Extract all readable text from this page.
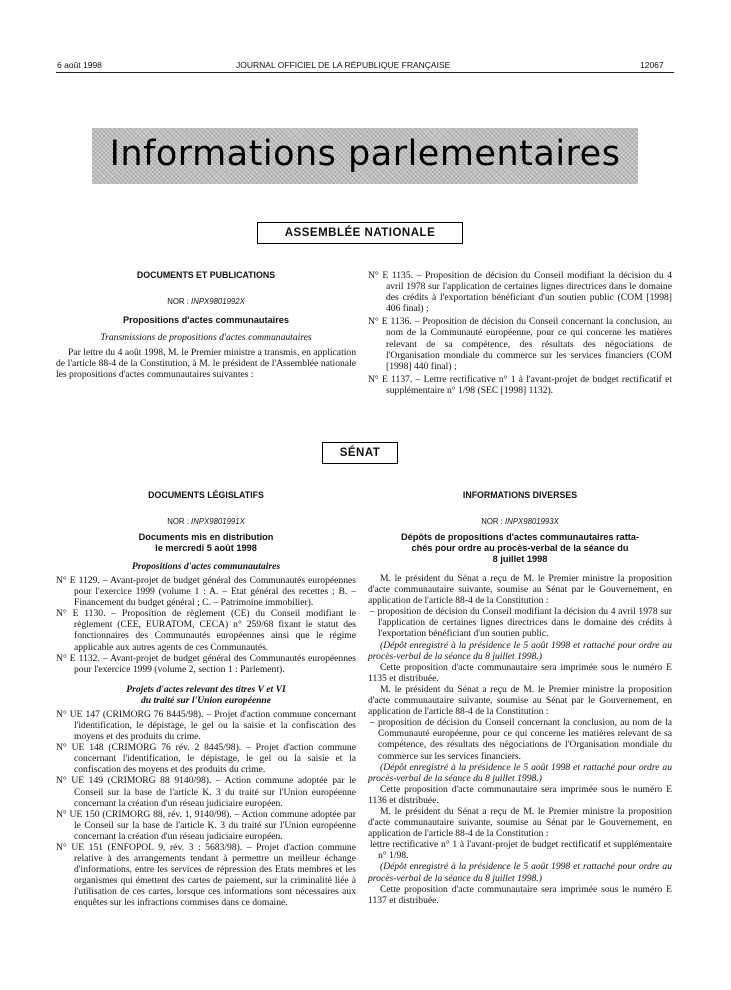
6 août 1998	JOURNAL OFFICIEL DE LA RÉPUBLIQUE FRANÇAISE	12067
Informations parlementaires
ASSEMBLÉE NATIONALE
DOCUMENTS ET PUBLICATIONS
NOR : INPX9801992X
Propositions d'actes communautaires
Transmissions de propositions d'actes communautaires

Par lettre du 4 août 1998, M. le Premier ministre a transmis, en application de l'article 88-4 de la Constitution, à M. le président de l'Assemblée nationale les propositions d'actes communautaires suivantes :

N° E 1135. – Proposition de décision du Conseil modifiant la décision du 4 avril 1978 sur l'application de certaines lignes directrices dans le domaine des crédits à l'exportation bénéficiant d'un soutien public (COM [1998] 406 final) ;

N° E 1136. – Proposition de décision du Conseil concernant la conclusion, au nom de la Communauté européenne, pour ce qui concerne les matières relevant de sa compétence, des résultats des négociations de l'Organisation mondiale du commerce sur les services financiers (COM [1998] 440 final) ;

N° E 1137. – Lettre rectificative n° 1 à l'avant-projet de budget rectificatif et supplémentaire n° 1/98 (SEC [1998] 1132).

SÉNAT
DOCUMENTS LÉGISLATIFS
NOR : INPX9801991X
Documents mis en distribution
le mercredi 5 août 1998
Propositions d'actes communautaires

N° E 1129. – Avant-projet de budget général des Communautés européennes pour l'exercice 1999 (volume 1 : A. – Etat général des recettes ; B. – Financement du budget général ; C. – Patrimoine immobilier).

N° E 1130. – Proposition de règlement (CE) du Conseil modifiant le règlement (CEE, EURATOM, CECA) n° 259/68 fixant le statut des fonctionnaires des Communautés européennes ainsi que le régime applicable aux autres agents de ces Communautés.

N° E 1132. – Avant-projet de budget général des Communautés européennes pour l'exercice 1999 (volume 2, section 1 : Parlement).

Projets d'actes relevant des titres V et VI
du traité sur l'Union européenne

N° UE 147 (CRIMORG 76 8445/98). – Projet d'action commune concernant l'identification, le dépistage, le gel ou la saisie et la confiscation des moyens et des produits du crime.

N° UE 148 (CRIMORG 76 rév. 2 8445/98). – Projet d'action commune concernant l'identification, le dépistage, le gel ou la saisie et la confiscation des moyens et des produits du crime.

N° UE 149 (CRIMORG 88 9140/98). – Action commune adoptée par le Conseil sur la base de l'article K. 3 du traité sur l'Union européenne concernant la création d'un réseau judiciaire européen.

N° UE 150 (CRIMORG 88, rév. 1, 9140/98). – Action commune adoptée par le Conseil sur la base de l'article K. 3 du traité sur l'Union européenne concernant la création d'un réseau judiciaire européen.

N° UE 151 (ENFOPOL 9, rév. 3 : 5683/98). – Projet d'action commune relative à des arrangements tendant à permettre un meilleur échange d'informations, entre les services de répression des Etats membres et les organismes qui émettent des cartes de paiement, sur la criminalité liée à l'utilisation de ces cartes, lorsque ces informations sont nécessaires aux enquêtes sur les infractions commises dans ce domaine.

INFORMATIONS DIVERSES
NOR : INPX9801993X
Dépôts de propositions d'actes communautaires ratta-
chés pour ordre au procès-verbal de la séance du
8 juillet 1998

M. le président du Sénat a reçu de M. le Premier ministre la proposition d'acte communautaire suivante, soumise au Sénat par le Gouvernement, en application de l'article 88-4 de la Constitution :

– proposition de décision du Conseil modifiant la décision du 4 avril 1978 sur l'application de certaines lignes directrices dans le domaine des crédits à l'exportation bénéficiant d'un soutien public.

(Dépôt enregistré à la présidence le 5 août 1998 et rattaché pour ordre au procès-verbal de la séance du 8 juillet 1998.)

Cette proposition d'acte communautaire sera imprimée sous le numéro E 1135 et distribuée.

M. le président du Sénat a reçu de M. le Premier ministre la proposition d'acte communautaire suivante, soumise au Sénat par le Gouvernement, en application de l'article 88-4 de la Constitution :

– proposition de décision du Conseil concernant la conclusion, au nom de la Communauté européenne, pour ce qui concerne les matières relevant de sa compétence, des résultats des négociations de l'Organisation mondiale du commerce sur les services financiers.

(Dépôt enregistré à la présidence le 5 août 1998 et rattaché pour ordre au procès-verbal de la séance du 8 juillet 1998.)

Cette proposition d'acte communautaire sera imprimée sous le numéro E 1136 et distribuée.

M. le président du Sénat a reçu de M. le Premier ministre la proposition d'acte communautaire suivante, soumise au Sénat par le Gouvernement, en application de l'article 88-4 de la Constitution :

lettre rectificative n° 1 à l'avant-projet de budget rectificatif et supplémentaire n° 1/98.

(Dépôt enregistré à la présidence le 5 août 1998 et rattaché pour ordre au procès-verbal de la séance du 8 juillet 1998.)

Cette proposition d'acte communautaire sera imprimée sous le numéro E 1137 et distribuée.
